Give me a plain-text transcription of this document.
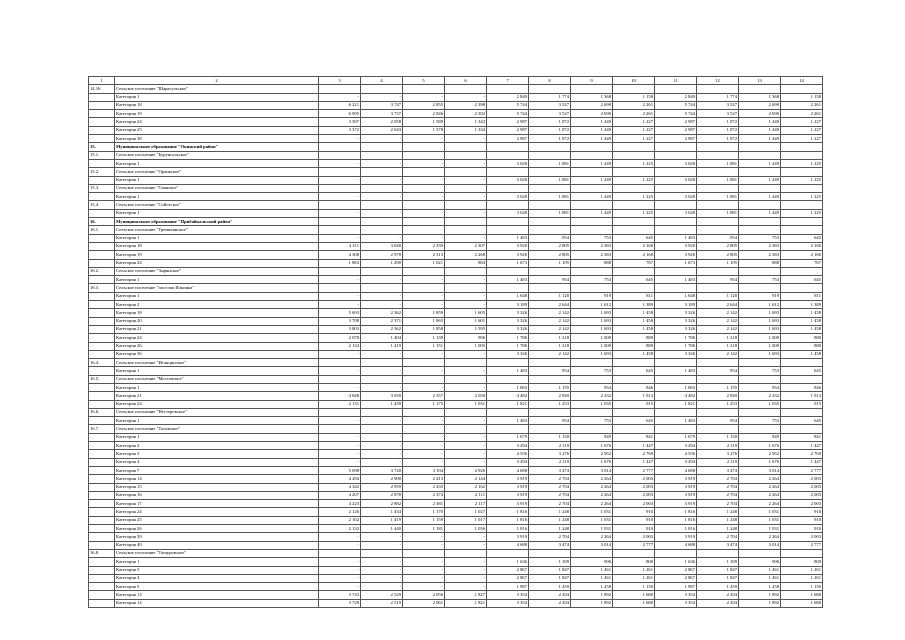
1	2	3	4	5	6	7	8	9	10	11	12	13	14
14.16.	Сельское поселение "Шарагульское"												
	Категория 1	-	-	-	-	2 849	1 774	1 368	1 158	2 849	1 774	1 368	1 158
	Категория 18	6 221	3 747	2 855	2 398	5 744	3 527	2 690	2 261	5 744	3 527	2 690	2 261
	Категория 19	6 095	3 737	2 846	2 392	5 744	3 527	2 690	2 261	5 744	3 527	2 690	2 261
	Категория 24	3 397	2 058	1 589	1 343	2 987	1 872	1 449	1 227	2 987	1 872	1 449	1 227
	Категория 25	3 372	2 043	1 578	1 334	2 987	1 872	1 449	1 227	2 987	1 872	1 449	1 227
	Категория 38	-	-	-	-	2 987	1 872	1 449	1 227	2 987	1 872	1 449	1 227
15.	Муниципальное образование "Окинский район"												
15.1.	Сельское поселение "Бурунгольское"												
	Категория 1	-	-	-	-	3 028	1 881	1 449	1 225	3 028	1 881	1 449	1 225
15.2.	Сельское поселение "Орликское"												
	Категория 1	-	-	-	-	3 028	1 881	1 449	1 225	3 028	1 881	1 449	1 225
15.3.	Сельское поселение "Саянское"												
	Категория 1	-	-	-	-	3 028	1 881	1 449	1 225	3 028	1 881	1 449	1 225
15.4.	Сельское поселение "Сойотское"												
	Категория 1	-	-	-	-	3 028	1 881	1 449	1 225	3 028	1 881	1 449	1 225
16.	Муниципальное образование "Прибайкальский район"												
16.1.	Сельское поселение "Гремячинское"												
	Категория 1	-	-	-	-	1 483	954	753	645	1 483	954	753	645
	Категория 18	4 311	3 040	2 339	2 307	3 920	2 805	2 383	2 160	3 920	2 805	2 383	2 160
	Категория 19	4 308	2 978	2 313	2 268	3 920	2 805	2 383	2 160	3 920	2 805	2 383	2 160
	Категория 24	1 863	1 290	1 021	884	1 673	1 105	888	767	1 673	1 105	888	767
16.2.	Сельское поселение "Зырянское"												
	Категория 1	-	-	-	-	1 483	954	753	645	1 483	954	753	645
16.3.	Сельское поселение "поселок Ильинка"												
	Категория 1	-	-	-	-	1 648	1 120	919	811	1 648	1 120	919	811
	Категория 2	-	-	-	-	3 189	2 644	1 612	1 389	3 189	2 644	1 612	1 389
	Категория 18	5 693	2 362	1 859	1 605	3 326	2 142	1 693	1 458	3 326	2 142	1 693	1 458
	Категория 20	3 708	2 371	1 865	1 601	3 326	2 142	1 693	1 458	3 326	2 142	1 693	1 458
	Категория 21	3 803	2 362	1 858	1 595	3 326	2 142	1 693	1 458	3 326	2 142	1 693	1 458
	Категория 24	2 070	1 404	1 139	996	1 786	1 218	1 000	880	1 786	1 218	1 000	880
	Категория 26	2 124	1 419	1 151	1 005	1 786	1 218	1 000	880	1 786	1 218	1 000	880
	Категория 36	-	-	-	-	3 326	2 142	1 693	1 458	3 326	2 142	1 693	1 458
16.4.	Сельское поселение "Итанцинское"												
	Категория 1	-	-	-	-	1 483	954	753	645	1 483	954	753	645
16.5.	Сельское поселение "Мостовское"												
	Категория 1	-	-	-	-	1 683	1 155	954	846	1 683	1 155	954	846
	Категория 21	4 848	3 050	2 357	2 050	4 482	2 849	2 232	1 913	4 482	2 849	2 232	1 913
	Категория 24	2 131	1 439	1 175	1 031	1 821	1 253	1 035	915	1 821	1 253	1 035	915
16.6.	Сельское поселение "Нестеровское"												
	Категория 1	-	-	-	-	1 483	954	753	645	1 483	954	753	645
16.7.	Сельское поселение "Таловское"												
	Категория 1	-	-	-	-	1 679	1 150	949	841	1 679	1 150	949	841
	Категория 2	-	-	-	-	3 294	2 119	1 676	1 447	3 294	2 119	1 676	1 447
	Категория 3	-	-	-	-	4 556	3 276	2 952	2 769	4 556	3 276	2 952	2 769
	Категория 4	-	-	-	-	3 294	2 119	1 676	1 447	3 294	2 119	1 676	1 447
	Категория 7	5 098	3 720	3 194	2 926	4 688	3 474	3 014	2 777	4 688	3 474	3 014	2 777
	Категория 14	4 294	2 900	2 413	2 144	3 919	2 704	2 264	2 003	3 919	2 704	2 264	2 003
	Категория 15	4 342	2 959	2 435	2 162	3 919	2 704	2 264	2 003	3 919	2 704	2 264	2 003
	Категория 16	4 207	2 878	2 374	2 111	3 919	2 704	2 264	2 003	3 919	2 704	2 264	2 003
	Категория 17	4 223	2 882	2 381	2 117	3 919	2 704	2 264	2 003	3 919	2 704	2 264	2 003
	Категория 24	2 126	1 434	1 170	1 027	1 816	1 248	1 031	910	1 816	1 248	1 031	910
	Категория 25	2 102	1 419	1 159	1 017	1 816	1 248	1 031	910	1 816	1 248	1 031	910
	Категория 26	2 132	1 440	1 181	1 036	1 816	1 248	1 031	910	1 816	1 248	1 031	910
	Категория 39	-	-	-	-	3 919	2 704	2 264	2 003	3 919	2 704	2 264	2 003
	Категория 40	-	-	-	-	4 688	3 474	3 014	2 777	4 688	3 474	3 014	2 777
16.8.	Сельское поселение "Татауровское"												
	Категория 1	-	-	-	-	1 636	1 109	906	800	1 636	1 109	906	800
	Категория 3	-	-	-	-	2 867	1 847	1 461	1 261	2 867	1 847	1 461	1 261
	Категория 4	-	-	-	-	2 867	1 847	1 461	1 261	2 867	1 847	1 461	1 261
	Категория 5	-	-	-	-	1 987	1 459	1 258	1 150	1 987	1 459	1 258	1 150
	Категория 13	3 743	2 529	2 056	1 827	3 354	2 294	1 892	1 680	3 354	2 294	1 892	1 680
	Категория 14	3 729	2 519	2 061	1 821	3 354	2 294	1 892	1 680	3 354	2 294	1 892	1 680
